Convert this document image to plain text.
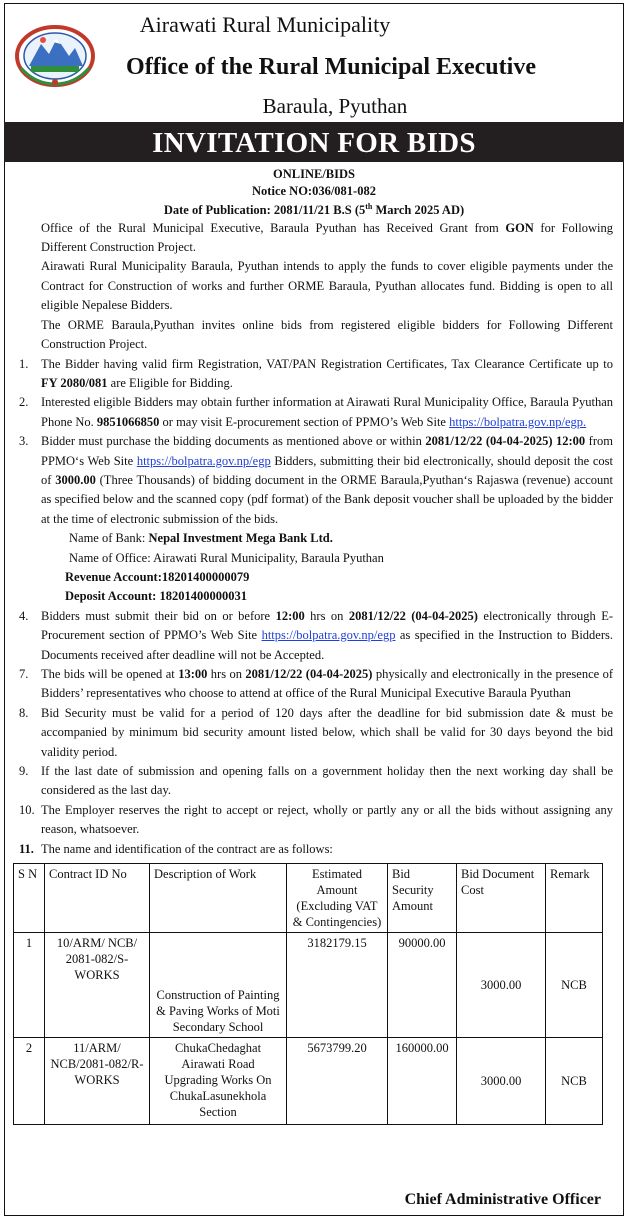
Airawati Rural Municipality
Office of the Rural Municipal Executive
Baraula, Pyuthan
INVITATION FOR BIDS
ONLINE/BIDS
Notice NO:036/081-082
Date of Publication: 2081/11/21 B.S (5th March 2025 AD)
Office of the Rural Municipal Executive, Baraula Pyuthan has Received Grant from GON for Following Different Construction Project.
Airawati Rural Municipality Baraula, Pyuthan intends to apply the funds to cover eligible payments under the Contract for Construction of works and further ORME Baraula, Pyuthan allocates fund. Bidding is open to all eligible Nepalese Bidders.
The ORME Baraula,Pyuthan invites online bids from registered eligible bidders for Following Different Construction Project.
1. The Bidder having valid firm Registration, VAT/PAN Registration Certificates, Tax Clearance Certificate up to FY 2080/081 are Eligible for Bidding.
2. Interested eligible Bidders may obtain further information at Airawati Rural Municipality Office, Baraula Pyuthan Phone No. 9851066850 or may visit E-procurement section of PPMO’s Web Site https://bolpatra.gov.np/egp.
3. Bidder must purchase the bidding documents as mentioned above or within 2081/12/22 (04-04-2025) 12:00 from PPMO‘s Web Site https://bolpatra.gov.np/egp Bidders, submitting their bid electronically, should deposit the cost of 3000.00 (Three Thousands) of bidding document in the ORME Baraula,Pyuthan‘s Rajaswa (revenue) account as specified below and the scanned copy (pdf format) of the Bank deposit voucher shall be uploaded by the bidder at the time of electronic submission of the bids.
Name of Bank: Nepal Investment Mega Bank Ltd.
Name of Office: Airawati Rural Municipality, Baraula Pyuthan
Revenue Account:18201400000079
Deposit Account: 18201400000031
4. Bidders must submit their bid on or before 12:00 hrs on 2081/12/22 (04-04-2025) electronically through E-Procurement section of PPMO’s Web Site https://bolpatra.gov.np/egp as specified in the Instruction to Bidders. Documents received after deadline will not be Accepted.
7. The bids will be opened at 13:00 hrs on 2081/12/22 (04-04-2025) physically and electronically in the presence of Bidders’ representatives who choose to attend at office of the Rural Municipal Executive Baraula Pyuthan
8. Bid Security must be valid for a period of 120 days after the deadline for bid submission date & must be accompanied by minimum bid security amount listed below, which shall be valid for 30 days beyond the bid validity period.
9. If the last date of submission and opening falls on a government holiday then the next working day shall be considered as the last day.
10. The Employer reserves the right to accept or reject, wholly or partly any or all the bids without assigning any reason, whatsoever.
11. The name and identification of the contract are as follows:
S N	Contract ID No	Description of Work	Estimated Amount (Excluding VAT & Contingencies)	Bid Security Amount	Bid Document Cost	Remark
1	10/ARM/ NCB/ 2081-082/S-WORKS	Construction of Painting & Paving Works of Moti Secondary School	3182179.15	90000.00	3000.00	NCB
2	11/ARM/ NCB/2081-082/R-WORKS	ChukaChedaghat Airawati Road Upgrading Works On ChukaLasunekhola Section	5673799.20	160000.00	3000.00	NCB
Chief Administrative Officer
